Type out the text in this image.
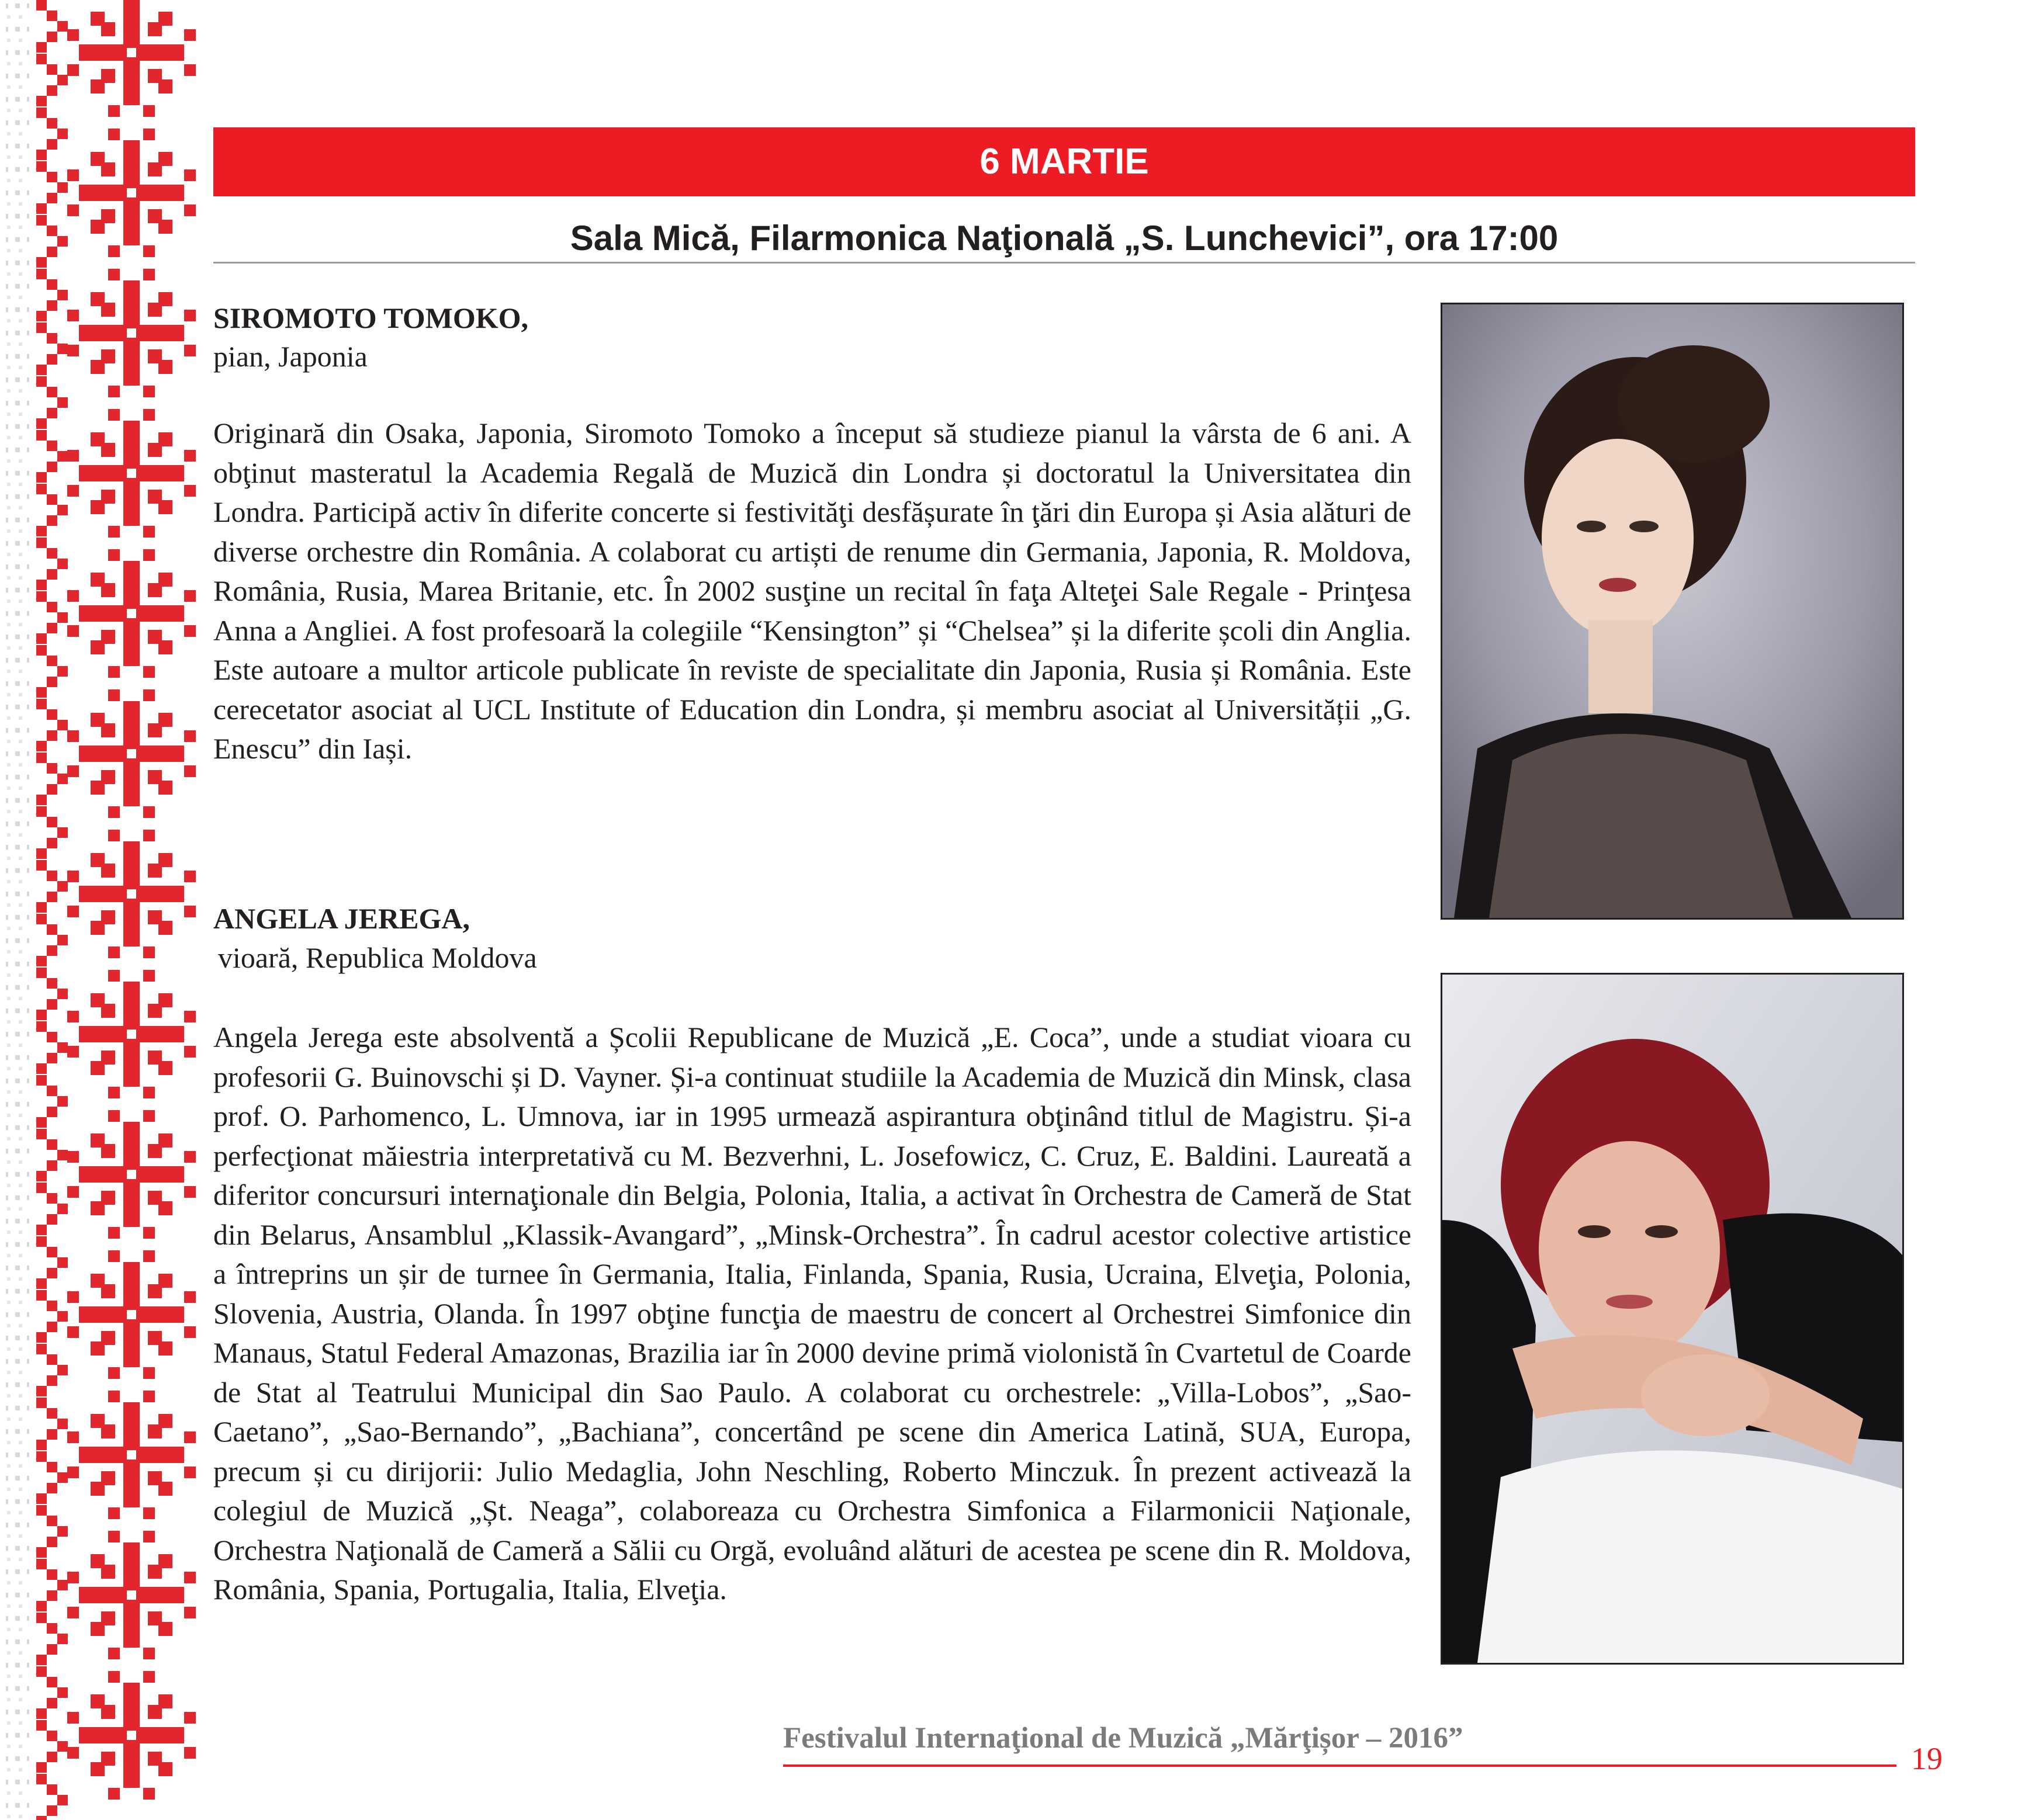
6 MARTIE
Sala Mică, Filarmonica Naţională „S. Lunchevici”, ora 17:00
SIROMOTO TOMOKO,
pian, Japonia

Originară din Osaka, Japonia, Siromoto Tomoko a început să studieze pianul la vârsta de 6 ani. A obţinut masteratul la Academia Regală de Muzică din Londra și doctoratul la Universitatea din Londra. Participă activ în diferite concerte si festivităţi desfășurate în ţări din Europa și Asia alături de diverse orchestre din România. A colaborat cu artiști de renume din Germania, Japonia, R. Moldova, România, Rusia, Marea Britanie, etc. În 2002 susţine un recital în faţa Alteţei Sale Regale - Prinţesa Anna a Angliei. A fost profesoară la colegiile “Kensington” și “Chelsea” și la diferite școli din Anglia. Este autoare a multor articole publicate în reviste de specialitate din Japonia, Rusia și România. Este cerecetator asociat al UCL Institute of Education din Londra, și membru asociat al Universității „G. Enescu” din Iași.

ANGELA JEREGA,
vioară, Republica Moldova

Angela Jerega este absolventă a Școlii Republicane de Muzică „E. Coca”, unde a studiat vioara cu profesorii G. Buinovschi și D. Vayner. Și-a continuat studiile la Academia de Muzică din Minsk, clasa prof. O. Parhomenco, L. Umnova, iar in 1995 urmează aspirantura obţinând titlul de Magistru. Și-a perfecţionat măiestria interpretativă cu M. Bezverhni, L. Josefowicz, C. Cruz, E. Baldini. Laureată a diferitor concursuri internaţionale din Belgia, Polonia, Italia, a activat în Orchestra de Cameră de Stat din Belarus, Ansamblul „Klassik-Avangard”, „Minsk-Orchestra”. În cadrul acestor colective artistice a întreprins un șir de turnee în Germania, Italia, Finlanda, Spania, Rusia, Ucraina, Elveţia, Polonia, Slovenia, Austria, Olanda. În 1997 obţine funcţia de maestru de concert al Orchestrei Simfonice din Manaus, Statul Federal Amazonas, Brazilia iar în 2000 devine primă violonistă în Cvartetul de Coarde de Stat al Teatrului Municipal din Sao Paulo. A colaborat cu orchestrele: „Villa-Lobos”, „Sao-Caetano”, „Sao-Bernando”, „Bachiana”, concertând pe scene din America Latină, SUA, Europa, precum și cu dirijorii: Julio Medaglia, John Neschling, Roberto Minczuk. În prezent activează la colegiul de Muzică „Șt. Neaga”, colaboreaza cu Orchestra Simfonica a Filarmonicii Naţionale, Orchestra Naţională de Cameră a Sălii cu Orgă, evoluând alături de acestea pe scene din R. Moldova, România, Spania, Portugalia, Italia, Elveţia.

Festivalul Internaţional de Muzică „Mărţișor – 2016”
19
